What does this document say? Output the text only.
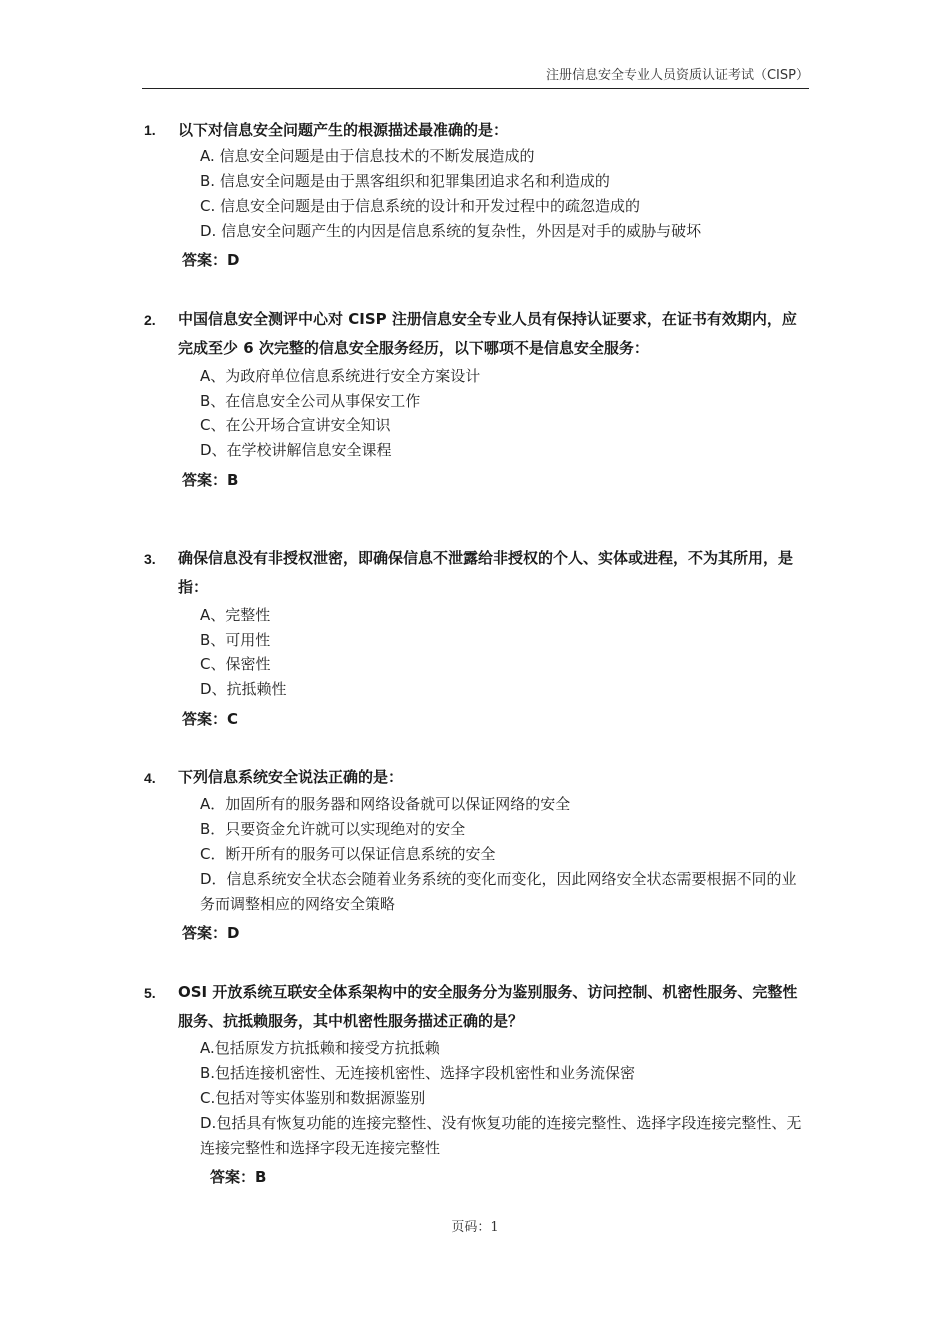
注册信息安全专业人员资质认证考试（CISP）
1. 以下对信息安全问题产生的根源描述最准确的是：
A. 信息安全问题是由于信息技术的不断发展造成的
B. 信息安全问题是由于黑客组织和犯罪集团追求名和利造成的
C. 信息安全问题是由于信息系统的设计和开发过程中的疏忽造成的
D. 信息安全问题产生的内因是信息系统的复杂性，外因是对手的威胁与破坏
答案：D
2. 中国信息安全测评中心对 CISP 注册信息安全专业人员有保持认证要求，在证书有效期内，应完成至少 6 次完整的信息安全服务经历，以下哪项不是信息安全服务：
A、为政府单位信息系统进行安全方案设计
B、在信息安全公司从事保安工作
C、在公开场合宣讲安全知识
D、在学校讲解信息安全课程
答案：B
3. 确保信息没有非授权泄密，即确保信息不泄露给非授权的个人、实体或进程，不为其所用，是指：
A、完整性
B、可用性
C、保密性
D、抗抵赖性
答案：C
4. 下列信息系统安全说法正确的是：
A．加固所有的服务器和网络设备就可以保证网络的安全
B．只要资金允许就可以实现绝对的安全
C．断开所有的服务可以保证信息系统的安全
D．信息系统安全状态会随着业务系统的变化而变化，因此网络安全状态需要根据不同的业务而调整相应的网络安全策略
答案：D
5. OSI 开放系统互联安全体系架构中的安全服务分为鉴别服务、访问控制、机密性服务、完整性服务、抗抵赖服务，其中机密性服务描述正确的是？
A.包括原发方抗抵赖和接受方抗抵赖
B.包括连接机密性、无连接机密性、选择字段机密性和业务流保密
C.包括对等实体鉴别和数据源鉴别
D.包括具有恢复功能的连接完整性、没有恢复功能的连接完整性、选择字段连接完整性、无连接完整性和选择字段无连接完整性
答案：B
页码：1
